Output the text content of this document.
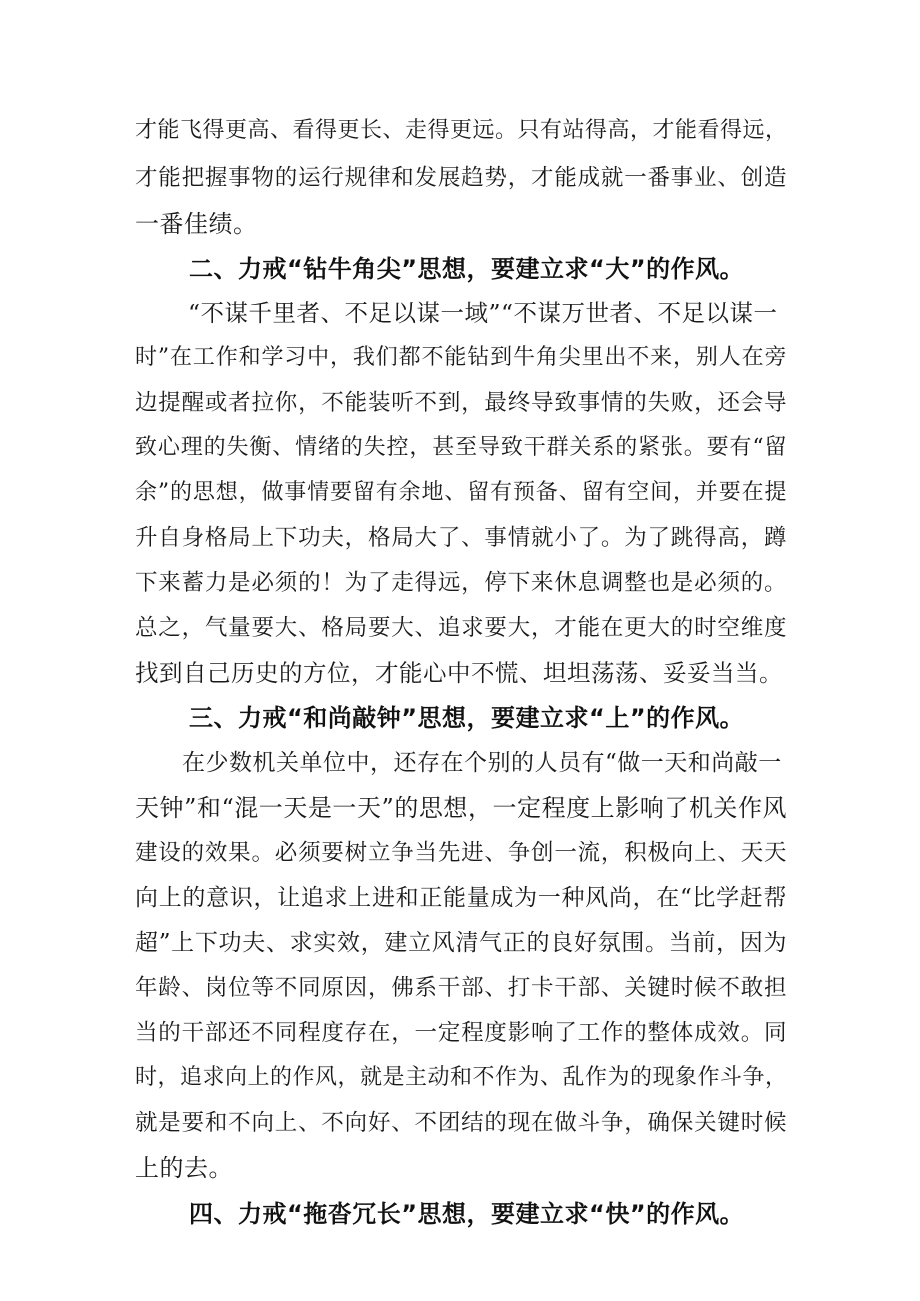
才能飞得更高、看得更长、走得更远。只有站得高，才能看得远，
才能把握事物的运行规律和发展趋势，才能成就一番事业、创造
一番佳绩。
二、力戒“钻牛角尖”思想，要建立求“大”的作风。
“不谋千里者、不足以谋一域”“不谋万世者、不足以谋一
时”在工作和学习中，我们都不能钻到牛角尖里出不来，别人在旁
边提醒或者拉你，不能装听不到，最终导致事情的失败，还会导
致心理的失衡、情绪的失控，甚至导致干群关系的紧张。要有“留
余”的思想，做事情要留有余地、留有预备、留有空间，并要在提
升自身格局上下功夫，格局大了、事情就小了。为了跳得高，蹲
下来蓄力是必须的！为了走得远，停下来休息调整也是必须的。
总之，气量要大、格局要大、追求要大，才能在更大的时空维度
找到自己历史的方位，才能心中不慌、坦坦荡荡、妥妥当当。
三、力戒“和尚敲钟”思想，要建立求“上”的作风。
在少数机关单位中，还存在个别的人员有“做一天和尚敲一
天钟”和“混一天是一天”的思想，一定程度上影响了机关作风
建设的效果。必须要树立争当先进、争创一流，积极向上、天天
向上的意识，让追求上进和正能量成为一种风尚，在“比学赶帮
超”上下功夫、求实效，建立风清气正的良好氛围。当前，因为
年龄、岗位等不同原因，佛系干部、打卡干部、关键时候不敢担
当的干部还不同程度存在，一定程度影响了工作的整体成效。同
时，追求向上的作风，就是主动和不作为、乱作为的现象作斗争，
就是要和不向上、不向好、不团结的现在做斗争，确保关键时候
上的去。
四、力戒“拖沓冗长”思想，要建立求“快”的作风。
